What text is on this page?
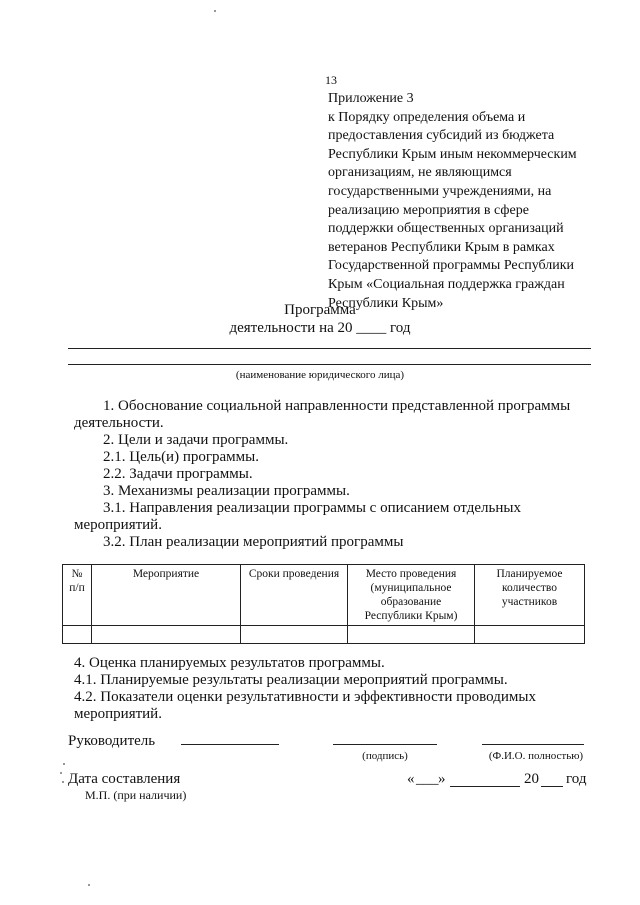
13
Приложение 3
к Порядку определения объема и
предоставления субсидий из бюджета
Республики Крым иным некоммерческим
организациям, не являющимся
государственными учреждениями, на
реализацию мероприятия в сфере
поддержки общественных организаций
ветеранов Республики Крым в рамках
Государственной программы Республики
Крым «Социальная поддержка граждан
Республики Крым»
Программа
деятельности на 20 ____ год
(наименование юридического лица)
1. Обоснование социальной направленности представленной программы
деятельности.
2. Цели и задачи программы.
2.1. Цель(и) программы.
2.2. Задачи программы.
3. Механизмы реализации программы.
3.1. Направления реализации программы с описанием отдельных
мероприятий.
3.2. План реализации мероприятий программы
№ п/п	Мероприятие	Сроки проведения	Место проведения (муниципальное образование Республики Крым)	Планируемое количество участников

4. Оценка планируемых результатов программы.
4.1. Планируемые результаты реализации мероприятий программы.
4.2. Показатели оценки результативности и эффективности проводимых
мероприятий.
Руководитель
(подпись)	(Ф.И.О. полностью)
Дата составления	« ___ »	20 год
М.П. (при наличии)
